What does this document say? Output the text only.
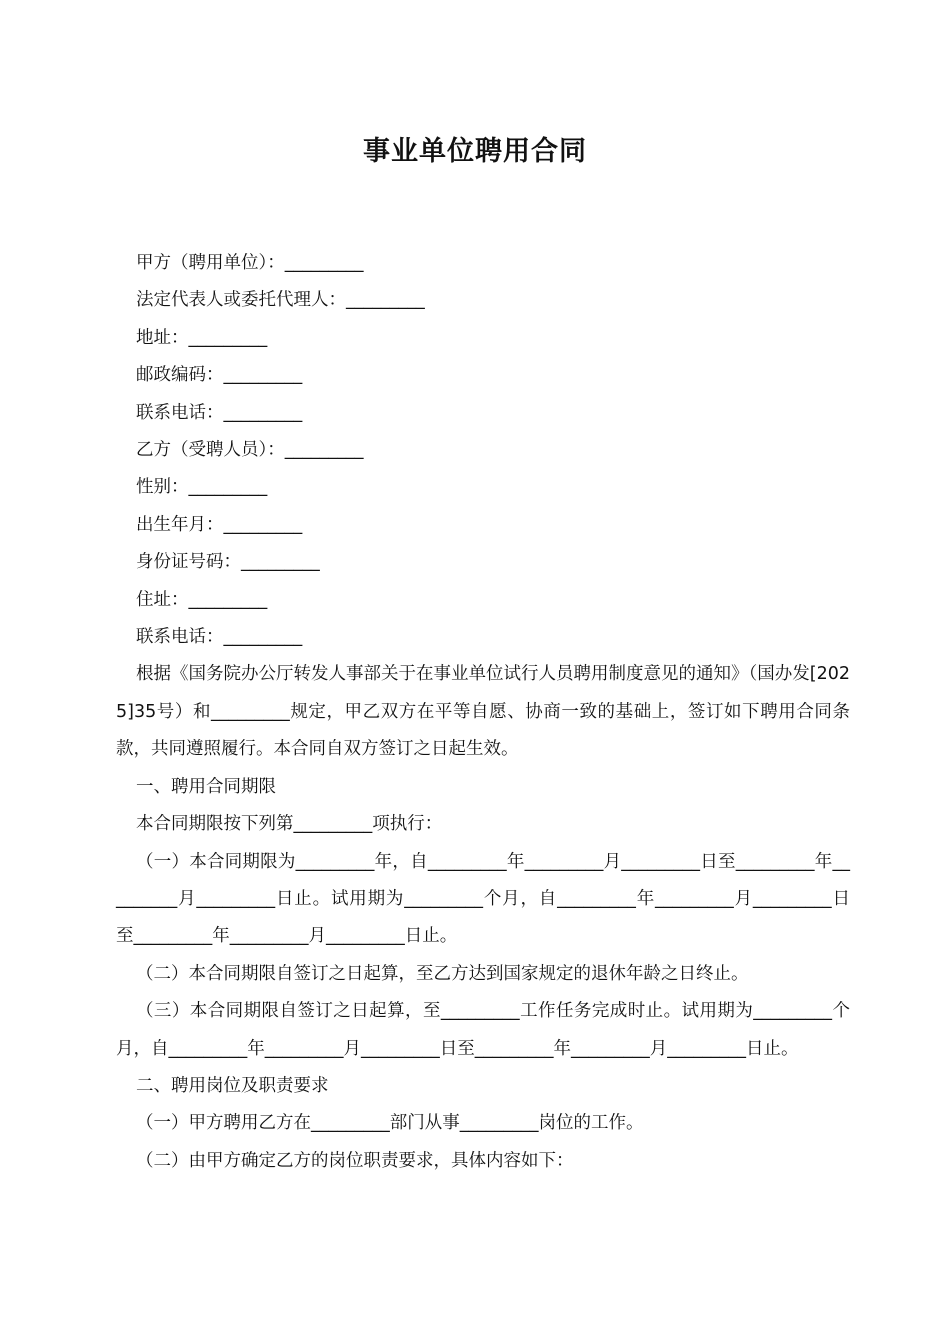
事业单位聘用合同
甲方（聘用单位）：_________
法定代表人或委托代理人：_________
地址：_________
邮政编码：_________
联系电话：_________
乙方（受聘人员）：_________
性别：_________
出生年月：_________
身份证号码：_________
住址：_________
联系电话：_________
根据《国务院办公厅转发人事部关于在事业单位试行人员聘用制度意见的通知》（国办发[2025]35号）和_________规定，甲乙双方在平等自愿、协商一致的基础上，签订如下聘用合同条款，共同遵照履行。本合同自双方签订之日起生效。
一、聘用合同期限
本合同期限按下列第_________项执行：
（一）本合同期限为_________年，自_________年_________月_________日至_________年_________月_________日止。试用期为_________个月，自_________年_________月_________日至_________年_________月_________日止。
（二）本合同期限自签订之日起算，至乙方达到国家规定的退休年龄之日终止。
（三）本合同期限自签订之日起算，至_________工作任务完成时止。试用期为_________个月，自_________年_________月_________日至_________年_________月_________日止。
二、聘用岗位及职责要求
（一）甲方聘用乙方在_________部门从事_________岗位的工作。
（二）由甲方确定乙方的岗位职责要求，具体内容如下：
